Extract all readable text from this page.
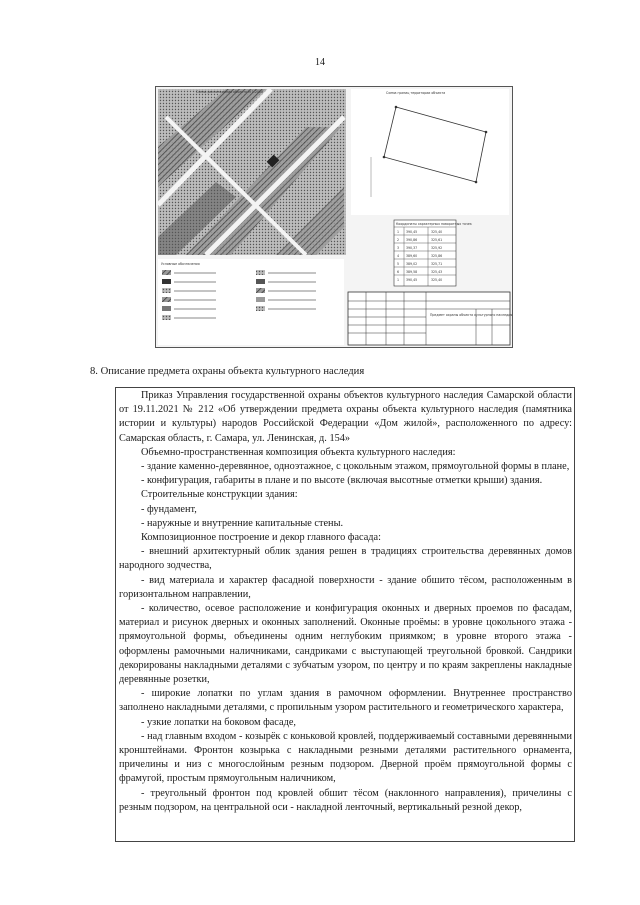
14
Схема расположения объекта М 1:2000	Схема границ территории объекта
Координаты характерных поворотных точек
1 390,45	325,40
2 390,86	325,61
3 390,37	325,92
4 389,60	325,86
5 389,02	325,71
6 389,58	325,43
1 390,45	325,40
Условные обозначения
Предмет охраны объекта культурного наследия
8. Описание предмета охраны объекта культурного наследия

Приказ Управления государственной охраны объектов культурного наследия Самарской области от 19.11.2021 № 212 «Об утверждении предмета охраны объекта культурного наследия (памятника истории и культуры) народов Российской Федерации «Дом жилой», расположенного по адресу: Самарская область, г. Самара, ул. Ленинская, д. 154»

Объемно-пространственная композиция объекта культурного наследия:

- здание каменно-деревянное, одноэтажное, с цокольным этажом, прямоугольной формы в плане,

- конфигурация, габариты в плане и по высоте (включая высотные отметки крыши) здания.

Строительные конструкции здания:

- фундамент,

- наружные и внутренние капитальные стены.

Композиционное построение и декор главного фасада:

- внешний архитектурный облик здания решен в традициях строительства деревянных домов народного зодчества,

- вид материала и характер фасадной поверхности - здание обшито тёсом, расположенным в горизонтальном направлении,

- количество, осевое расположение и конфигурация оконных и дверных проемов по фасадам, материал и рисунок дверных и оконных заполнений. Оконные проёмы: в уровне цокольного этажа - прямоугольной формы, объединены одним неглубоким приямком; в уровне второго этажа - оформлены рамочными наличниками, сандриками с выступающей треугольной бровкой. Сандрики декорированы накладными деталями с зубчатым узором, по центру и по краям закреплены накладные деревянные розетки,

- широкие лопатки по углам здания в рамочном оформлении. Внутреннее пространство заполнено накладными деталями, с пропильным узором растительного и геометрического характера,

- узкие лопатки на боковом фасаде,

- над главным входом - козырёк с коньковой кровлей, поддерживаемый составными деревянными кронштейнами. Фронтон козырька с накладными резными деталями растительного орнамента, причелины и низ с многослойным резным подзором. Дверной проём прямоугольной формы с фрамугой, простым прямоугольным наличником,

- треугольный фронтон под кровлей обшит тёсом (наклонного направления), причелины с резным подзором, на центральной оси - накладной ленточный, вертикальный резной декор,
